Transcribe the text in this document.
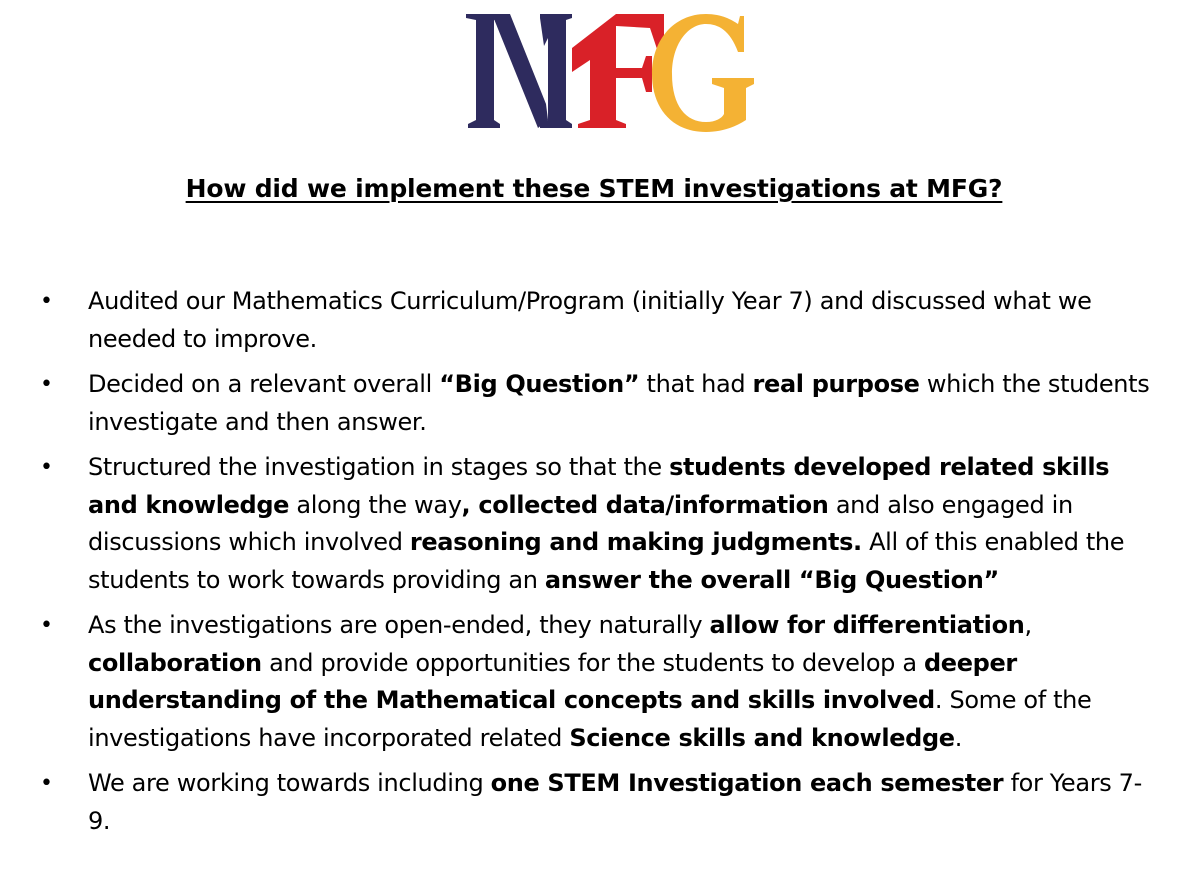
How did we implement these STEM investigations at MFG?
•	Audited our Mathematics Curriculum/Program (initially Year 7) and discussed what we needed to improve.
•	Decided on a relevant overall “Big Question” that had real purpose which the students investigate and then answer.
•	Structured the investigation in stages so that the students developed related skills and knowledge along the way, collected data/information and also engaged in discussions which involved reasoning and making judgments. All of this enabled the students to work towards providing an answer the overall “Big Question”
•	As the investigations are open-ended, they naturally allow for differentiation, collaboration and provide opportunities for the students to develop a deeper understanding of the Mathematical concepts and skills involved. Some of the investigations have incorporated related Science skills and knowledge.
•	We are working towards including one STEM Investigation each semester for Years 7-9.
